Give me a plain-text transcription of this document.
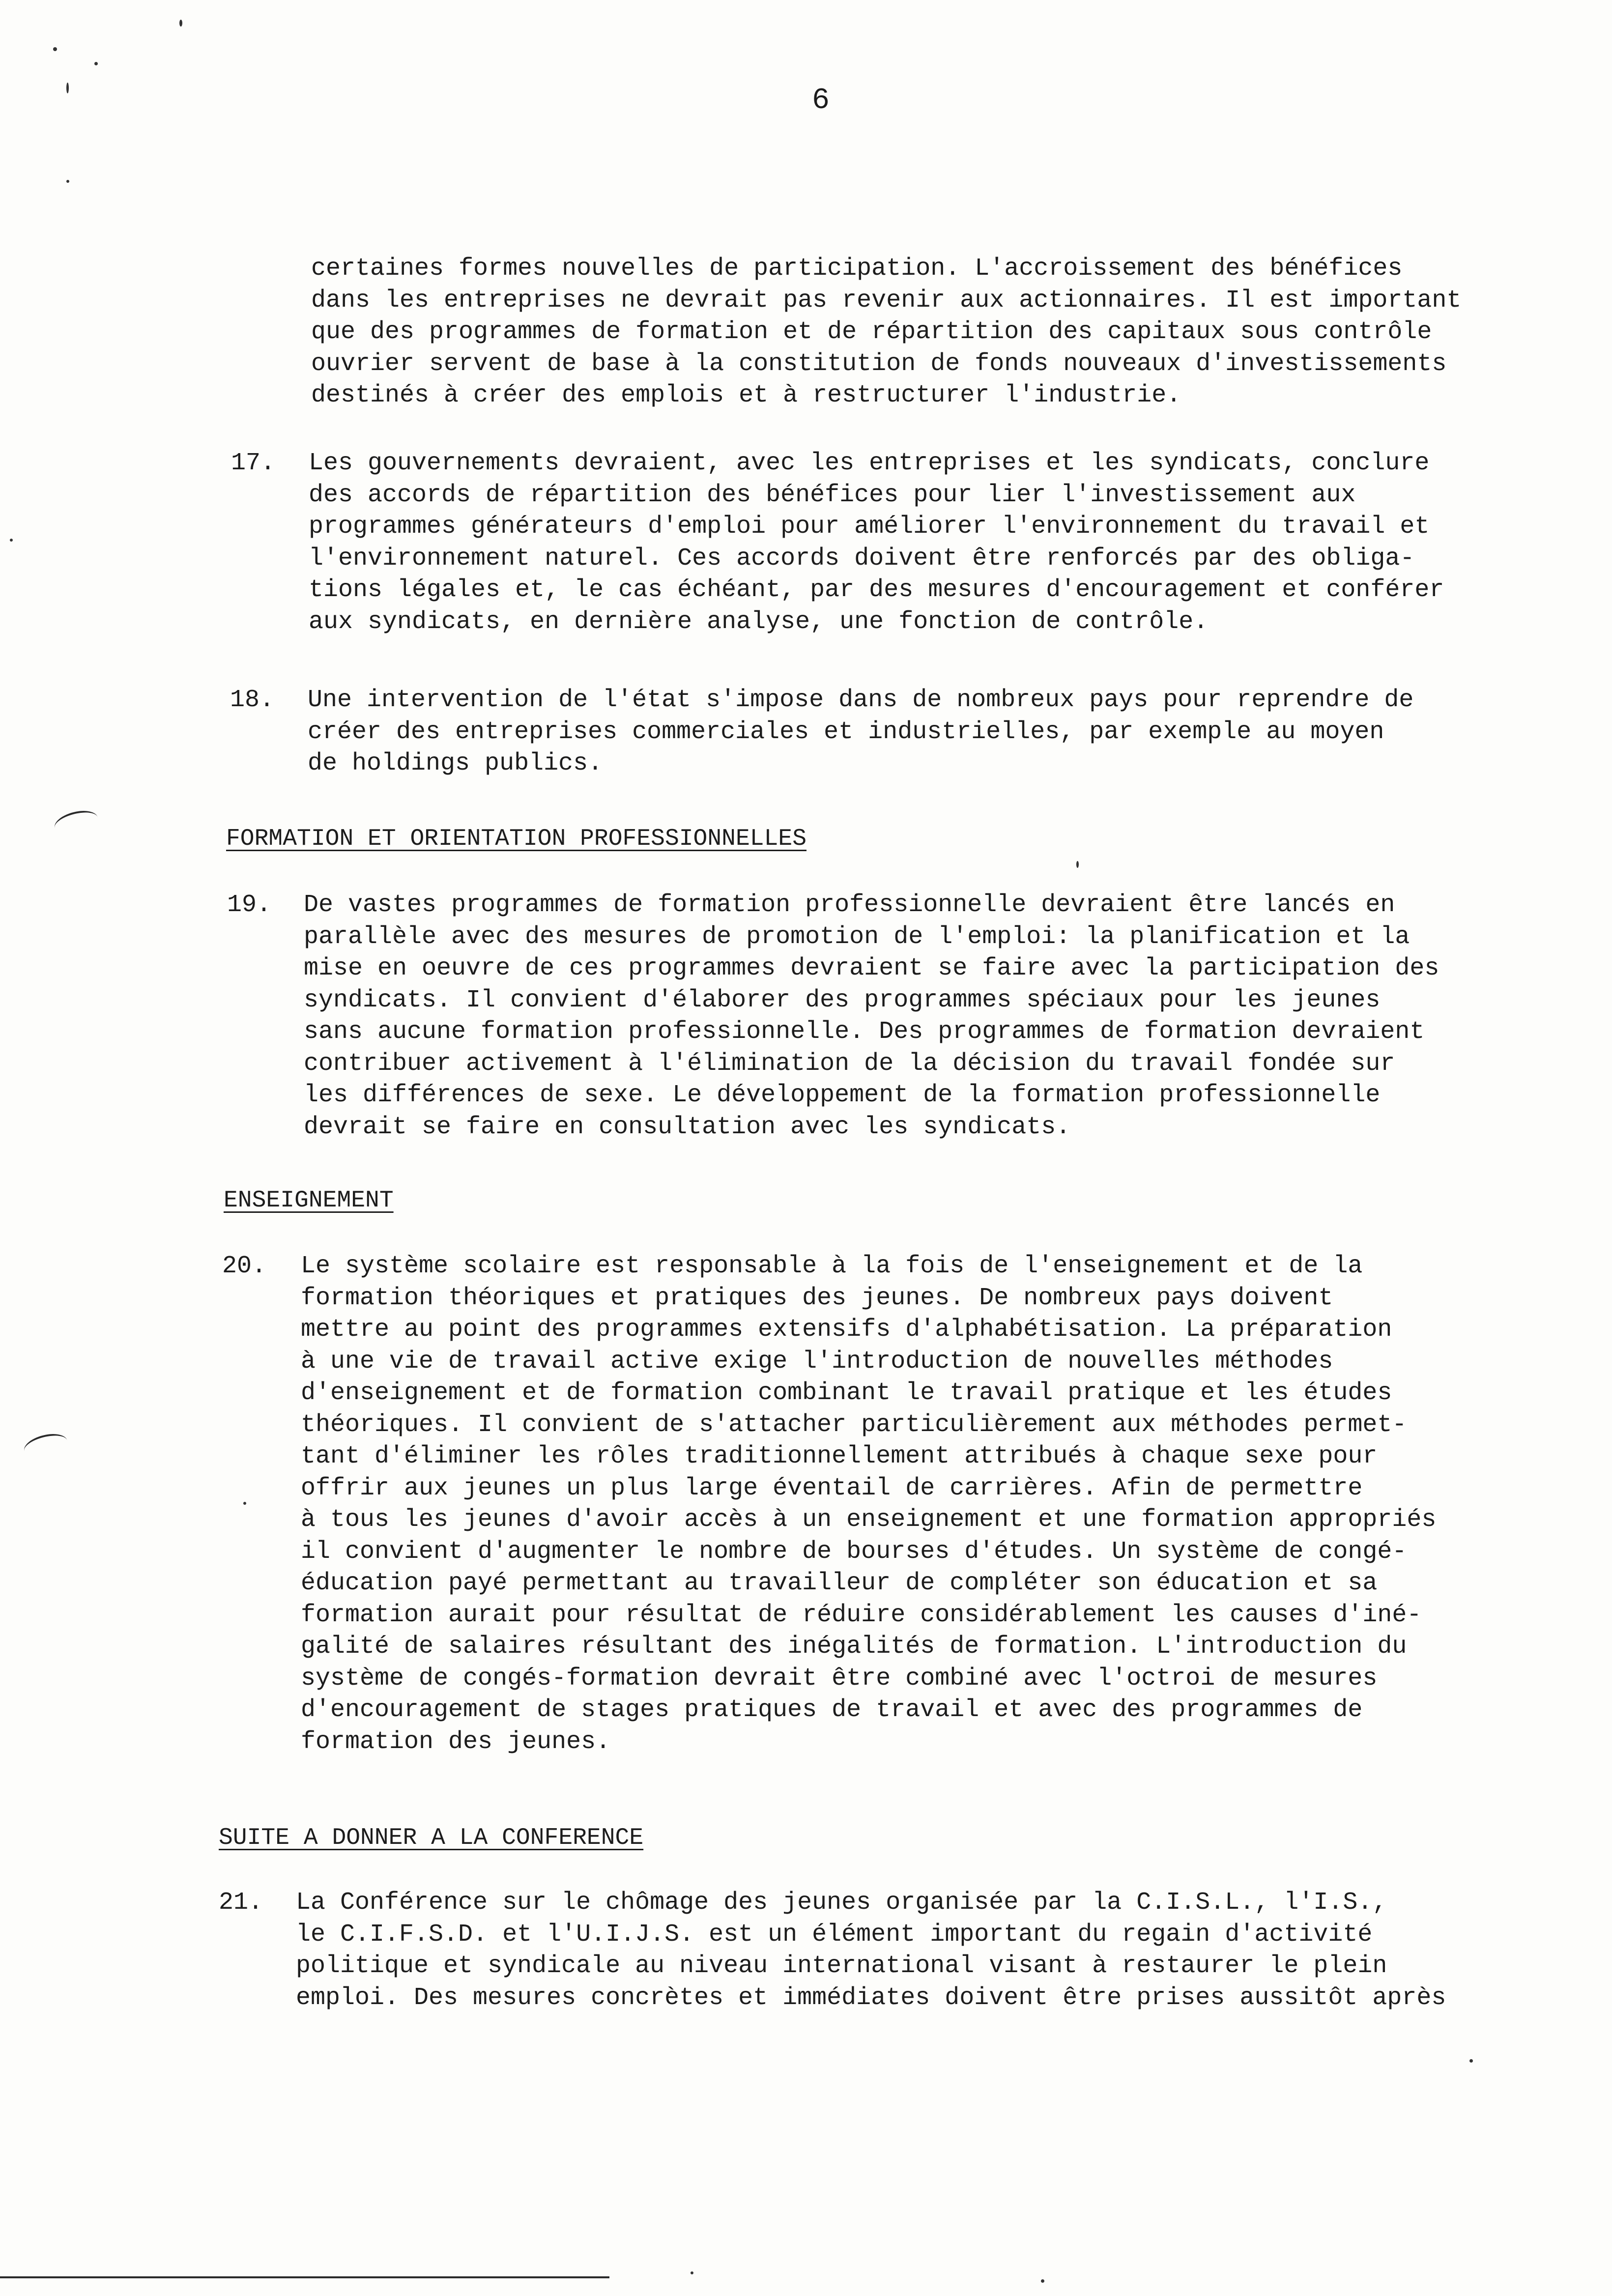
6
certaines formes nouvelles de participation. L'accroissement des bénéfices
dans les entreprises ne devrait pas revenir aux actionnaires. Il est important
que des programmes de formation et de répartition des capitaux sous contrôle
ouvrier servent de base à la constitution de fonds nouveaux d'investissements
destinés à créer des emplois et à restructurer l'industrie.
17. Les gouvernements devraient, avec les entreprises et les syndicats, conclure
des accords de répartition des bénéfices pour lier l'investissement aux
programmes générateurs d'emploi pour améliorer l'environnement du travail et
l'environnement naturel. Ces accords doivent être renforcés par des obliga-
tions légales et, le cas échéant, par des mesures d'encouragement et conférer
aux syndicats, en dernière analyse, une fonction de contrôle.
18. Une intervention de l'état s'impose dans de nombreux pays pour reprendre de
créer des entreprises commerciales et industrielles, par exemple au moyen
de holdings publics.
FORMATION ET ORIENTATION PROFESSIONNELLES
19. De vastes programmes de formation professionnelle devraient être lancés en
parallèle avec des mesures de promotion de l'emploi: la planification et la
mise en oeuvre de ces programmes devraient se faire avec la participation des
syndicats. Il convient d'élaborer des programmes spéciaux pour les jeunes
sans aucune formation professionnelle. Des programmes de formation devraient
contribuer activement à l'élimination de la décision du travail fondée sur
les différences de sexe. Le développement de la formation professionnelle
devrait se faire en consultation avec les syndicats.
ENSEIGNEMENT
20. Le système scolaire est responsable à la fois de l'enseignement et de la
formation théoriques et pratiques des jeunes. De nombreux pays doivent
mettre au point des programmes extensifs d'alphabétisation. La préparation
à une vie de travail active exige l'introduction de nouvelles méthodes
d'enseignement et de formation combinant le travail pratique et les études
théoriques. Il convient de s'attacher particulièrement aux méthodes permet-
tant d'éliminer les rôles traditionnellement attribués à chaque sexe pour
offrir aux jeunes un plus large éventail de carrières. Afin de permettre
à tous les jeunes d'avoir accès à un enseignement et une formation appropriés
il convient d'augmenter le nombre de bourses d'études. Un système de congé-
éducation payé permettant au travailleur de compléter son éducation et sa
formation aurait pour résultat de réduire considérablement les causes d'iné-
galité de salaires résultant des inégalités de formation. L'introduction du
système de congés-formation devrait être combiné avec l'octroi de mesures
d'encouragement de stages pratiques de travail et avec des programmes de
formation des jeunes.
SUITE A DONNER A LA CONFERENCE
21. La Conférence sur le chômage des jeunes organisée par la C.I.S.L., l'I.S.,
le C.I.F.S.D. et l'U.I.J.S. est un élément important du regain d'activité
politique et syndicale au niveau international visant à restaurer le plein
emploi. Des mesures concrètes et immédiates doivent être prises aussitôt après
